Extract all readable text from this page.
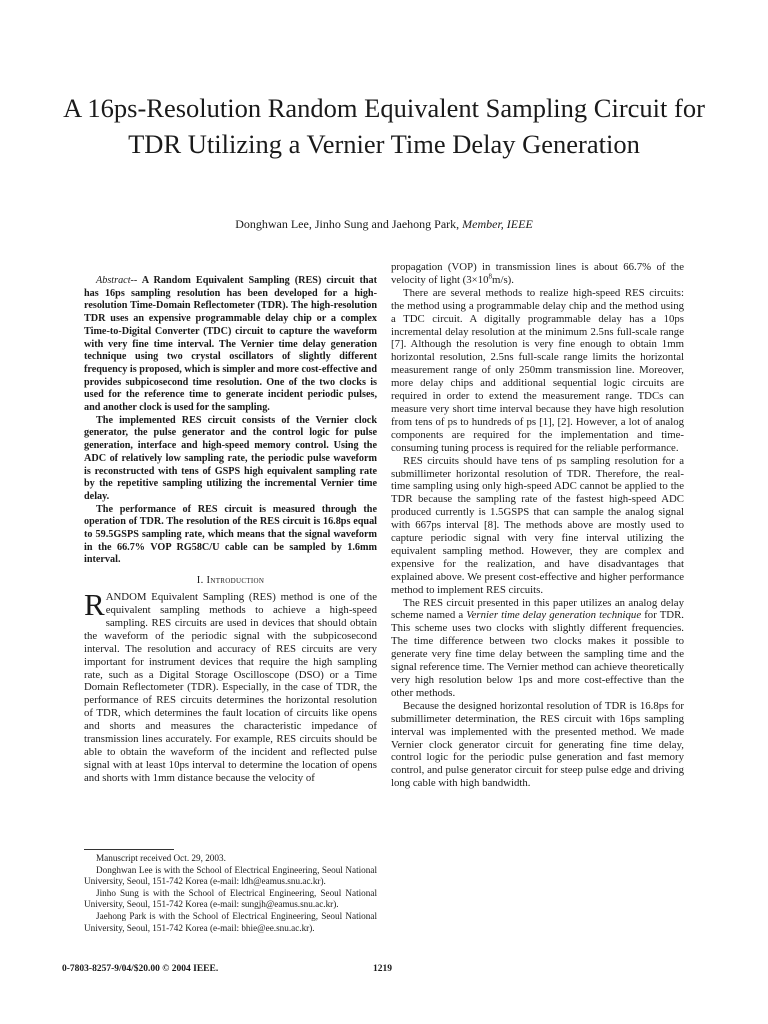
A 16ps-Resolution Random Equivalent Sampling Circuit for TDR Utilizing a Vernier Time Delay Generation
Donghwan Lee, Jinho Sung and Jaehong Park, Member, IEEE

Abstract-- A Random Equivalent Sampling (RES) circuit that has 16ps sampling resolution has been developed for a high-resolution Time-Domain Reflectometer (TDR). The high-resolution TDR uses an expensive programmable delay chip or a complex Time-to-Digital Converter (TDC) circuit to capture the waveform with very fine time interval. The Vernier time delay generation technique using two crystal oscillators of slightly different frequency is proposed, which is simpler and more cost-effective and provides subpicosecond time resolution. One of the two clocks is used for the reference time to generate incident periodic pulses, and another clock is used for the sampling.

The implemented RES circuit consists of the Vernier clock generator, the pulse generator and the control logic for pulse generation, interface and high-speed memory control. Using the ADC of relatively low sampling rate, the periodic pulse waveform is reconstructed with tens of GSPS high equivalent sampling rate by the repetitive sampling utilizing the incremental Vernier time delay.

The performance of RES circuit is measured through the operation of TDR. The resolution of the RES circuit is 16.8ps equal to 59.5GSPS sampling rate, which means that the signal waveform in the 66.7% VOP RG58C/U cable can be sampled by 1.6mm interval.

I. Introduction

RANDOM Equivalent Sampling (RES) method is one of the equivalent sampling methods to achieve a high-speed sampling. RES circuits are used in devices that should obtain the waveform of the periodic signal with the subpicosecond interval. The resolution and accuracy of RES circuits are very important for instrument devices that require the high sampling rate, such as a Digital Storage Oscilloscope (DSO) or a Time Domain Reflectometer (TDR). Especially, in the case of TDR, the performance of RES circuits determines the horizontal resolution of TDR, which determines the fault location of circuits like opens and shorts and measures the characteristic impedance of transmission lines accurately. For example, RES circuits should be able to obtain the waveform of the incident and reflected pulse signal with at least 10ps interval to determine the location of opens and shorts with 1mm distance because the velocity of

Manuscript received Oct. 29, 2003.

Donghwan Lee is with the School of Electrical Engineering, Seoul National University, Seoul, 151-742 Korea (e-mail: ldh@eamus.snu.ac.kr).

Jinho Sung is with the School of Electrical Engineering, Seoul National University, Seoul, 151-742 Korea (e-mail: sungjh@eamus.snu.ac.kr).

Jaehong Park is with the School of Electrical Engineering, Seoul National University, Seoul, 151-742 Korea (e-mail: bhie@ee.snu.ac.kr).

propagation (VOP) in transmission lines is about 66.7% of the velocity of light $(3\times 10^8m/s)$.

There are several methods to realize high-speed RES circuits: the method using a programmable delay chip and the method using a TDC circuit. A digitally programmable delay has a 10ps incremental delay resolution at the minimum 2.5ns full-scale range [7]. Although the resolution is very fine enough to obtain 1mm horizontal resolution, 2.5ns full-scale range limits the horizontal measurement range of only 250mm transmission line. Moreover, more delay chips and additional sequential logic circuits are required in order to extend the measurement range. TDCs can measure very short time interval because they have high resolution from tens of ps to hundreds of ps [1], [2]. However, a lot of analog components are required for the implementation and time-consuming tuning process is required for the reliable performance.

RES circuits should have tens of ps sampling resolution for a submillimeter horizontal resolution of TDR. Therefore, the real-time sampling using only high-speed ADC cannot be applied to the TDR because the sampling rate of the fastest high-speed ADC produced currently is 1.5GSPS that can sample the analog signal with 667ps interval [8]. The methods above are mostly used to capture periodic signal with very fine interval utilizing the equivalent sampling method. However, they are complex and expensive for the realization, and have disadvantages that explained above. We present cost-effective and higher performance method to implement RES circuits.

The RES circuit presented in this paper utilizes an analog delay scheme named a Vernier time delay generation technique for TDR. This scheme uses two clocks with slightly different frequencies. The time difference between two clocks makes it possible to generate very fine time delay between the sampling time and the signal reference time. The Vernier method can achieve theoretically very high resolution below 1ps and more cost-effective than the other methods.

Because the designed horizontal resolution of TDR is 16.8ps for submillimeter determination, the RES circuit with 16ps sampling interval was implemented with the presented method. We made Vernier clock generator circuit for generating fine time delay, control logic for the periodic pulse generation and fast memory control, and pulse generator circuit for steep pulse edge and driving long cable with high bandwidth.

0-7803-8257-9/04/$20.00 © 2004 IEEE.	1219
